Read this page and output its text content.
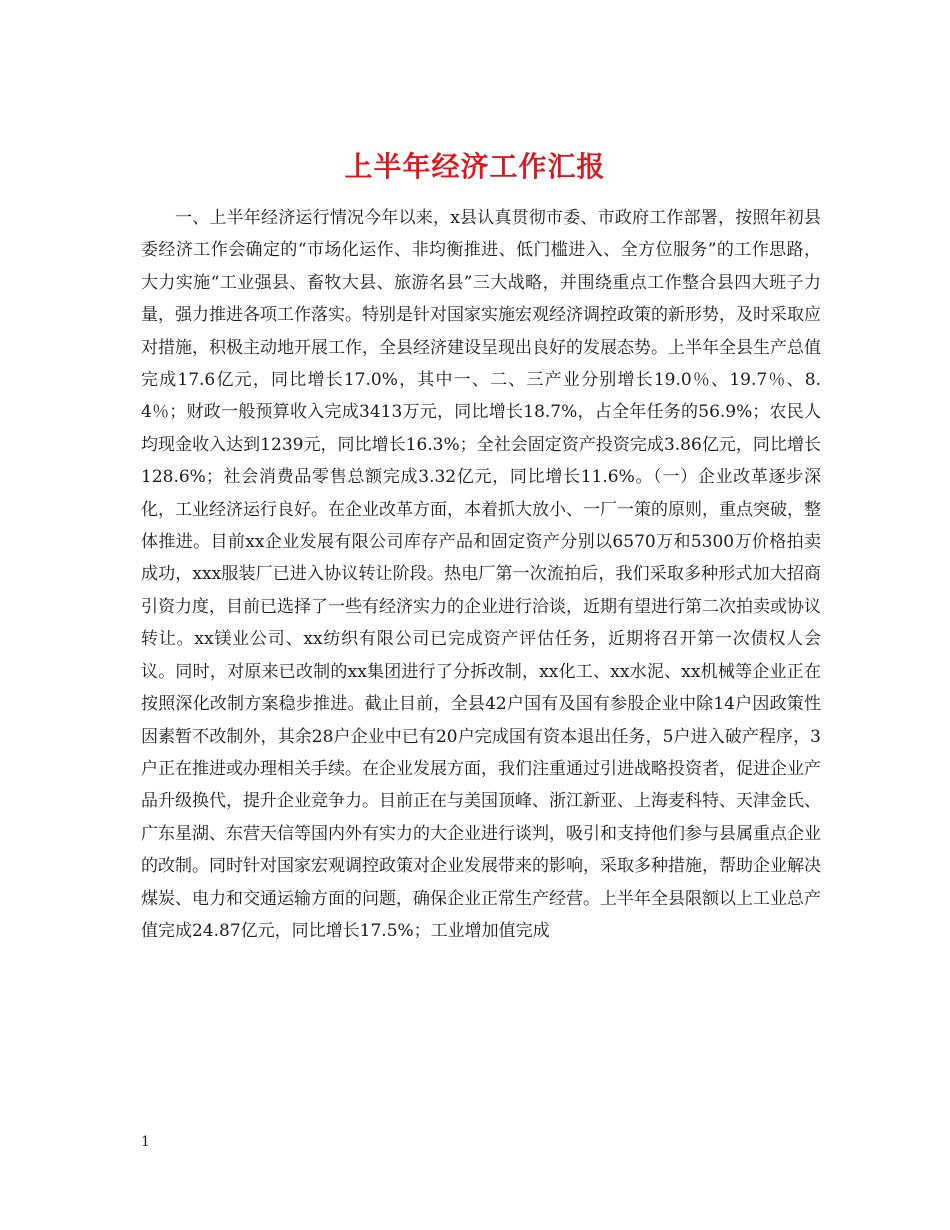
上半年经济工作汇报

一、上半年经济运行情况今年以来，x县认真贯彻市委、市政府工作部署，按照年初县委经济工作会确定的“市场化运作、非均衡推进、低门槛进入、全方位服务”的工作思路，大力实施“工业强县、畜牧大县、旅游名县”三大战略，并围绕重点工作整合县四大班子力量，强力推进各项工作落实。特别是针对国家实施宏观经济调控政策的新形势，及时采取应对措施，积极主动地开展工作，全县经济建设呈现出良好的发展态势。上半年全县生产总值完成17.6亿元，同比增长17.0%，其中一、二、三产业分别增长19.0％、19.7％、8.4％；财政一般预算收入完成3413万元，同比增长18.7%，占全年任务的56.9%；农民人均现金收入达到1239元，同比增长16.3%；全社会固定资产投资完成3.86亿元，同比增长128.6%；社会消费品零售总额完成3.32亿元，同比增长11.6%。（一）企业改革逐步深化，工业经济运行良好。在企业改革方面，本着抓大放小、一厂一策的原则，重点突破，整体推进。目前xx企业发展有限公司库存产品和固定资产分别以6570万和5300万价格拍卖成功，xxx服装厂已进入协议转让阶段。热电厂第一次流拍后，我们采取多种形式加大招商引资力度，目前已选择了一些有经济实力的企业进行洽谈，近期有望进行第二次拍卖或协议转让。xx镁业公司、xx纺织有限公司已完成资产评估任务，近期将召开第一次债权人会议。同时，对原来已改制的xx集团进行了分拆改制，xx化工、xx水泥、xx机械等企业正在按照深化改制方案稳步推进。截止目前，全县42户国有及国有参股企业中除14户因政策性因素暂不改制外，其余28户企业中已有20户完成国有资本退出任务，5户进入破产程序，3户正在推进或办理相关手续。在企业发展方面，我们注重通过引进战略投资者，促进企业产品升级换代，提升企业竞争力。目前正在与美国顶峰、浙江新亚、上海麦科特、天津金氏、广东星湖、东营天信等国内外有实力的大企业进行谈判，吸引和支持他们参与县属重点企业的改制。同时针对国家宏观调控政策对企业发展带来的影响，采取多种措施，帮助企业解决煤炭、电力和交通运输方面的问题，确保企业正常生产经营。上半年全县限额以上工业总产值完成24.87亿元，同比增长17.5%；工业增加值完成

1
